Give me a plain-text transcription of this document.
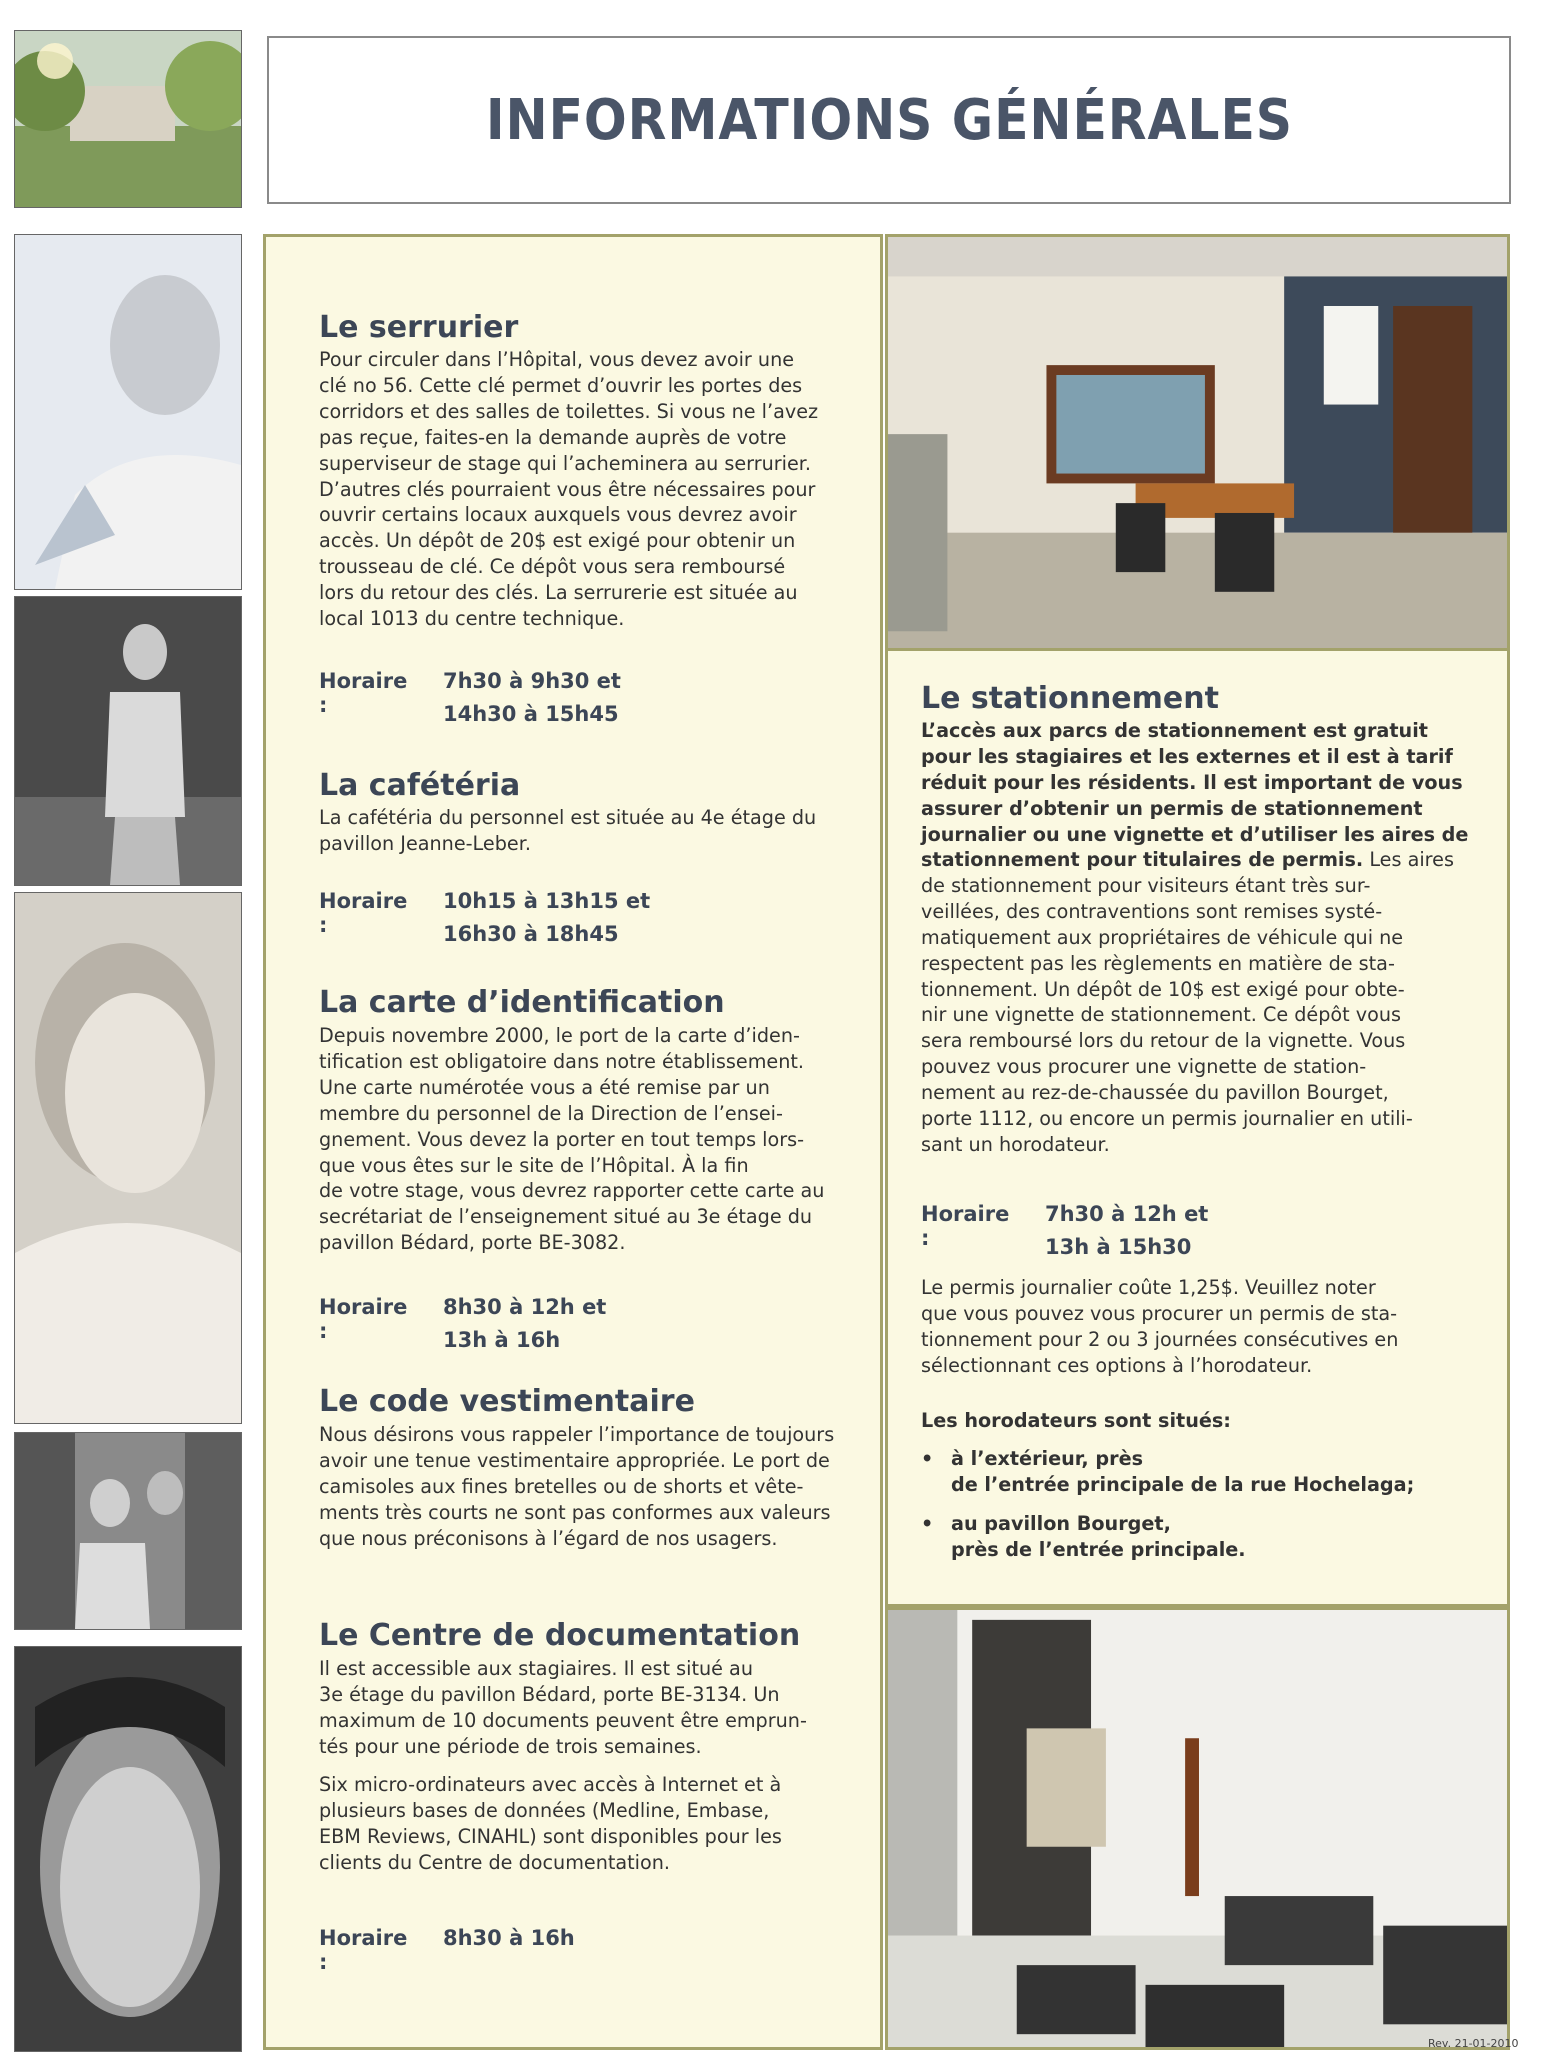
INFORMATIONS GÉNÉRALES
Le serrurier
Pour circuler dans l’Hôpital, vous devez avoir une
clé no 56. Cette clé permet d’ouvrir les portes des
corridors et des salles de toilettes. Si vous ne l’avez
pas reçue, faites-en la demande auprès de votre
superviseur de stage qui l’acheminera au serrurier.
D’autres clés pourraient vous être nécessaires pour
ouvrir certains locaux auxquels vous devrez avoir
accès. Un dépôt de 20$ est exigé pour obtenir un
trousseau de clé. Ce dépôt vous sera remboursé
lors du retour des clés. La serrurerie est située au
local 1013 du centre technique.
Horaire :
7h30 à 9h30 et
14h30 à 15h45
La cafétéria
La cafétéria du personnel est située au 4e étage du
pavillon Jeanne-Leber.
Horaire :
10h15 à 13h15 et
16h30 à 18h45
La carte d’identification
Depuis novembre 2000, le port de la carte d’iden-
tification est obligatoire dans notre établissement.
Une carte numérotée vous a été remise par un
membre du personnel de la Direction de l’ensei-
gnement. Vous devez la porter en tout temps lors-
que vous êtes sur le site de l’Hôpital. À la fin
de votre stage, vous devrez rapporter cette carte au
secrétariat de l’enseignement situé au 3e étage du
pavillon Bédard, porte BE-3082.
Horaire :
8h30 à 12h et
13h à 16h
Le code vestimentaire
Nous désirons vous rappeler l’importance de toujours
avoir une tenue vestimentaire appropriée. Le port de
camisoles aux fines bretelles ou de shorts et vête-
ments très courts ne sont pas conformes aux valeurs
que nous préconisons à l’égard de nos usagers.
Le Centre de documentation
Il est accessible aux stagiaires. Il est situé au
3e étage du pavillon Bédard, porte BE-3134. Un
maximum de 10 documents peuvent être emprun-
tés pour une période de trois semaines.
Six micro-ordinateurs avec accès à Internet et à
plusieurs bases de données (Medline, Embase,
EBM Reviews, CINAHL) sont disponibles pour les
clients du Centre de documentation.
Horaire :
8h30 à 16h
Le stationnement
L’accès aux parcs de stationnement est gratuit
pour les stagiaires et les externes et il est à tarif
réduit pour les résidents. Il est important de vous
assurer d’obtenir un permis de stationnement
journalier ou une vignette et d’utiliser les aires de
stationnement pour titulaires de permis. Les aires
de stationnement pour visiteurs étant très sur-
veillées, des contraventions sont remises systé-
matiquement aux propriétaires de véhicule qui ne
respectent pas les règlements en matière de sta-
tionnement. Un dépôt de 10$ est exigé pour obte-
nir une vignette de stationnement. Ce dépôt vous
sera remboursé lors du retour de la vignette. Vous
pouvez vous procurer une vignette de station-
nement au rez-de-chaussée du pavillon Bourget,
porte 1112, ou encore un permis journalier en utili-
sant un horodateur.
Horaire :
7h30 à 12h et
13h à 15h30
Le permis journalier coûte 1,25$. Veuillez noter
que vous pouvez vous procurer un permis de sta-
tionnement pour 2 ou 3 journées consécutives en
sélectionnant ces options à l’horodateur.
Les horodateurs sont situés:
• à l’extérieur, près
de l’entrée principale de la rue Hochelaga;
• au pavillon Bourget,
près de l’entrée principale.
Rev. 21-01-2010
